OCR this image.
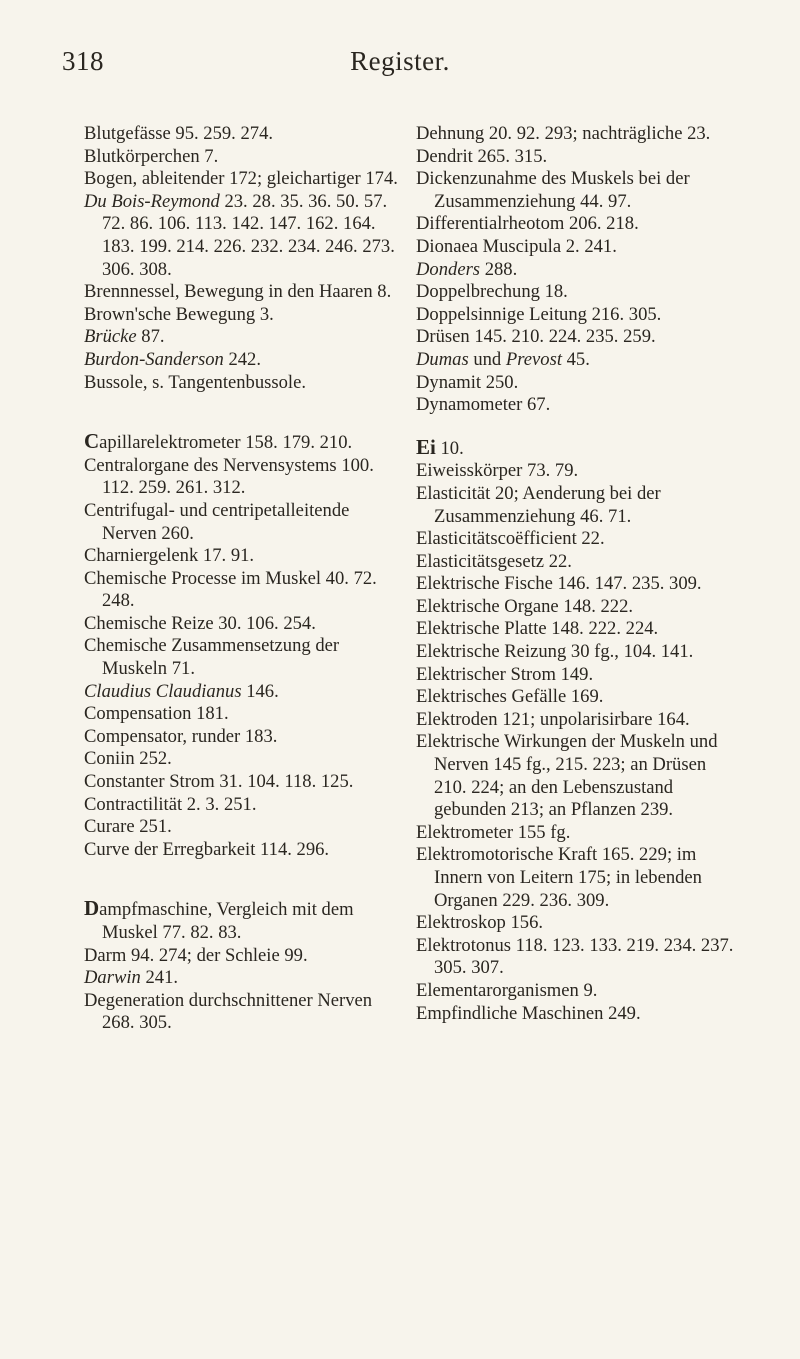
318	Register.
Blutgefässe 95. 259. 274.
Blutkörperchen 7.
Bogen, ableitender 172; gleichartiger 174.
Du Bois-Reymond 23. 28. 35. 36. 50. 57. 72. 86. 106. 113. 142. 147. 162. 164. 183. 199. 214. 226. 232. 234. 246. 273. 306. 308.
Brennnessel, Bewegung in den Haaren 8.
Brown'sche Bewegung 3.
Brücke 87.
Burdon-Sanderson 242.
Bussole, s. Tangentenbussole.
Capillarelektrometer 158. 179. 210.
Centralorgane des Nervensystems 100. 112. 259. 261. 312.
Centrifugal- und centripetalleitende Nerven 260.
Charniergelenk 17. 91.
Chemische Processe im Muskel 40. 72. 248.
Chemische Reize 30. 106. 254.
Chemische Zusammensetzung der Muskeln 71.
Claudius Claudianus 146.
Compensation 181.
Compensator, runder 183.
Coniin 252.
Constanter Strom 31. 104. 118. 125.
Contractilität 2. 3. 251.
Curare 251.
Curve der Erregbarkeit 114. 296.
Dampfmaschine, Vergleich mit dem Muskel 77. 82. 83.
Darm 94. 274; der Schleie 99.
Darwin 241.
Degeneration durchschnittener Nerven 268. 305.
Dehnung 20. 92. 293; nachträgliche 23.
Dendrit 265. 315.
Dickenzunahme des Muskels bei der Zusammenziehung 44. 97.
Differentialrheotom 206. 218.
Dionaea Muscipula 2. 241.
Donders 288.
Doppelbrechung 18.
Doppelsinnige Leitung 216. 305.
Drüsen 145. 210. 224. 235. 259.
Dumas und Prevost 45.
Dynamit 250.
Dynamometer 67.
Ei 10.
Eiweisskörper 73. 79.
Elasticität 20; Aenderung bei der Zusammenziehung 46. 71.
Elasticitätscoëfficient 22.
Elasticitätsgesetz 22.
Elektrische Fische 146. 147. 235. 309.
Elektrische Organe 148. 222.
Elektrische Platte 148. 222. 224.
Elektrische Reizung 30 fg., 104. 141.
Elektrischer Strom 149.
Elektrisches Gefälle 169.
Elektroden 121; unpolarisirbare 164.
Elektrische Wirkungen der Muskeln und Nerven 145 fg., 215. 223; an Drüsen 210. 224; an den Lebenszustand gebunden 213; an Pflanzen 239.
Elektrometer 155 fg.
Elektromotorische Kraft 165. 229; im Innern von Leitern 175; in lebenden Organen 229. 236. 309.
Elektroskop 156.
Elektrotonus 118. 123. 133. 219. 234. 237. 305. 307.
Elementarorganismen 9.
Empfindliche Maschinen 249.
